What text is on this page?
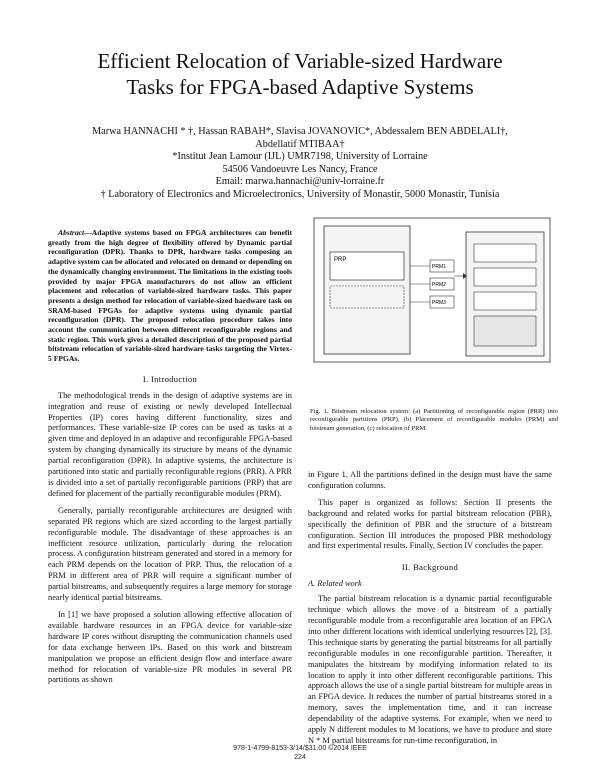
Efficient Relocation of Variable-sized Hardware
Tasks for FPGA-based Adaptive Systems
Marwa HANNACHI * †, Hassan RABAH*, Slavisa JOVANOVIC*, Abdessalem BEN ABDELALI†,
Abdellatif MTIBAA†
*Institut Jean Lamour (IJL) UMR7198, University of Lorraine
54506 Vandoeuvre Les Nancy, France
Email: marwa.hannachi@univ-lorraine.fr
† Laboratory of Electronics and Microelectronics, University of Monastir, 5000 Monastir, Tunisia

Abstract—Adaptive systems based on FPGA architectures can benefit greatly from the high degree of flexibility offered by Dynamic partial reconfiguration (DPR). Thanks to DPR, hardware tasks composing an adaptive system can be allocated and relocated on demand or depending on the dynamically changing environment. The limitations in the existing tools provided by major FPGA manufacturers do not allow an efficient placement and relocation of variable-sized hardware tasks. This paper presents a design method for relocation of variable-sized hardware task on SRAM-based FPGAs for adaptive systems using dynamic partial reconfiguration (DPR). The proposed relocation procedure takes into account the communication between different reconfigurable regions and static region. This work gives a detailed description of the proposed partial bitstream relocation of variable-sized hardware tasks targeting the Virtex-5 FPGAs.

I. Introduction

The methodological trends in the design of adaptive systems are in integration and reuse of existing or newly developed Intellectual Properties (IP) cores having different functionality, sizes and performances. These variable-size IP cores can be used as tasks at a given time and deployed in an adaptive and reconfigurable FPGA-based system by changing dynamically its structure by means of the dynamic partial reconfiguration (DPR). In adaptive systems, the architecture is partitioned into static and partially reconfigurable regions (PRR). A PRR is divided into a set of partially reconfigurable partitions (PRP) that are defined for placement of the partially reconfigurable modules (PRM).

Generally, partially reconfigurable architectures are designed with separated PR regions which are sized according to the largest partially reconfigurable module. The disadvantage of these approaches is an inefficient resource utilization, particularly during the relocation process. A configuration bitstream generated and stored in a memory for each PRM depends on the location of PRP. Thus, the relocation of a PRM in different area of PRR will require a significant number of partial bitstreams, and subsequently requires a large memory for storage nearly identical partial bitstreams.

In [1] we have proposed a solution allowing effective allocation of available hardware resources in an FPGA device for variable-size hardware IP cores without disrupting the communication channels used for data exchange between IPs. Based on this work and bitstream manipulation we propose an efficient design flow and interface aware method for relocation of variable-size PR modules in several PR partitions as shown

PRP
PRM1
PRM2
PRM3
Fig. 1. Bitstream relocation system: (a) Partitioning of reconfigurable region (PRR) into reconfigurable partitions (PRP), (b) Placement of reconfigurable modules (PRM) and bitstream generation, (c) relocation of PRM.

in Figure 1. All the partitions defined in the design must have the same configuration columns.

This paper is organized as follows: Section II presents the background and related works for partial bitstream relocation (PBR), specifically the definition of PBR and the structure of a bitstream configuration. Section III introduces the proposed PBR methodology and first experimental results. Finally, Section IV concludes the paper.

II. Background
A. Related work

The partial bitstream relocation is a dynamic partial reconfigurable technique which allows the move of a bitstream of a partially reconfigurable module from a reconfigurable area location of an FPGA into other different locations with identical underlying resources [2], [3]. This technique starts by generating the partial bitstreams for all partially reconfigurable modules in one reconfigurable partition. Thereafter, it manipulates the bitstream by modifying information related to its location to apply it into other different reconfigurable partitions. This approach allows the use of a single partial bitstream for multiple areas in an FPGA device. It reduces the number of partial bitstreams stored in a memory, saves the implementation time, and it can increase dependability of the adaptive systems. For example, when we need to apply N different modules to M locations, we have to produce and store N * M partial bitstreams for run-time reconfiguration, in

978-1-4799-8153-3/14/$31.00 ©2014 IEEE
224
